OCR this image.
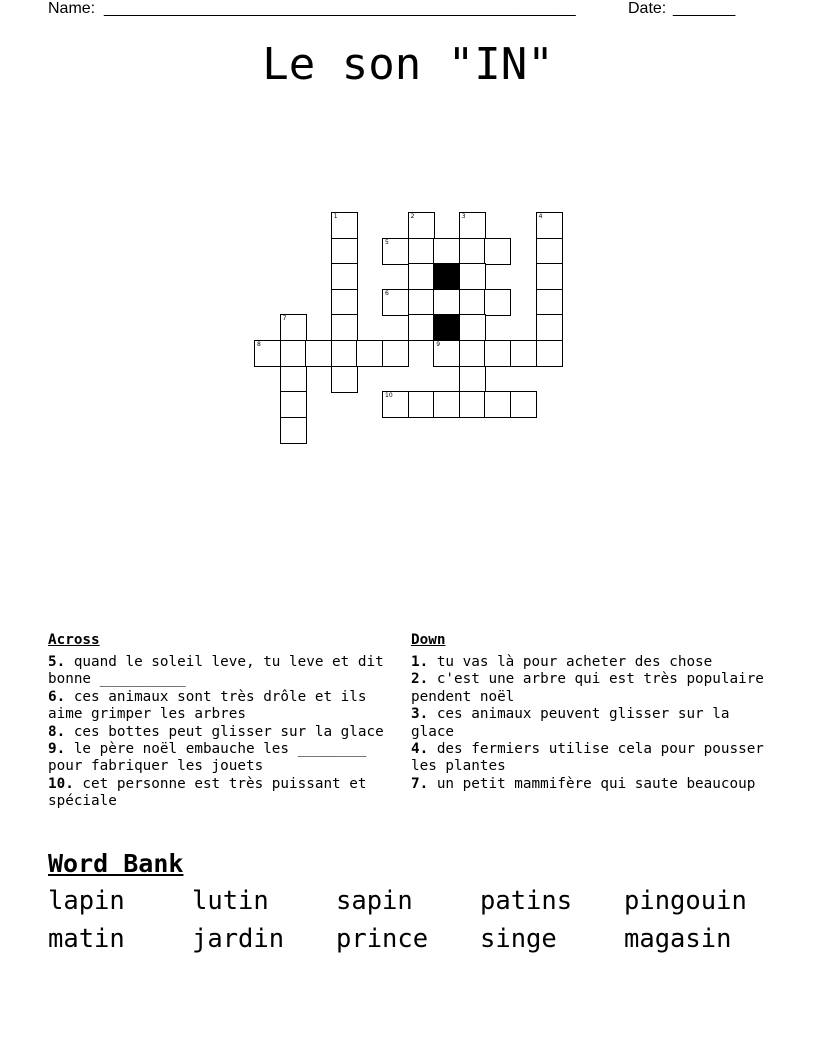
Name: _____________________________________________________	Date: _______
Le son "IN"
1	2	3	4
5
6
7
8	9
10
Across

5. quand le soleil leve, tu leve et dit bonne __________

6. ces animaux sont très drôle et ils aime grimper les arbres

8. ces bottes peut glisser sur la glace

9. le père noël embauche les ________ pour fabriquer les jouets

10. cet personne est très puissant et spéciale

Down

1. tu vas là pour acheter des chose

2. c'est une arbre qui est très populaire pendent noël

3. ces animaux peuvent glisser sur la glace

4. des fermiers utilise cela pour pousser les plantes

7. un petit mammifère qui saute beaucoup

Word Bank
lapin	lutin	sapin	patins pingouin
matin	jardin prince singe	magasin
